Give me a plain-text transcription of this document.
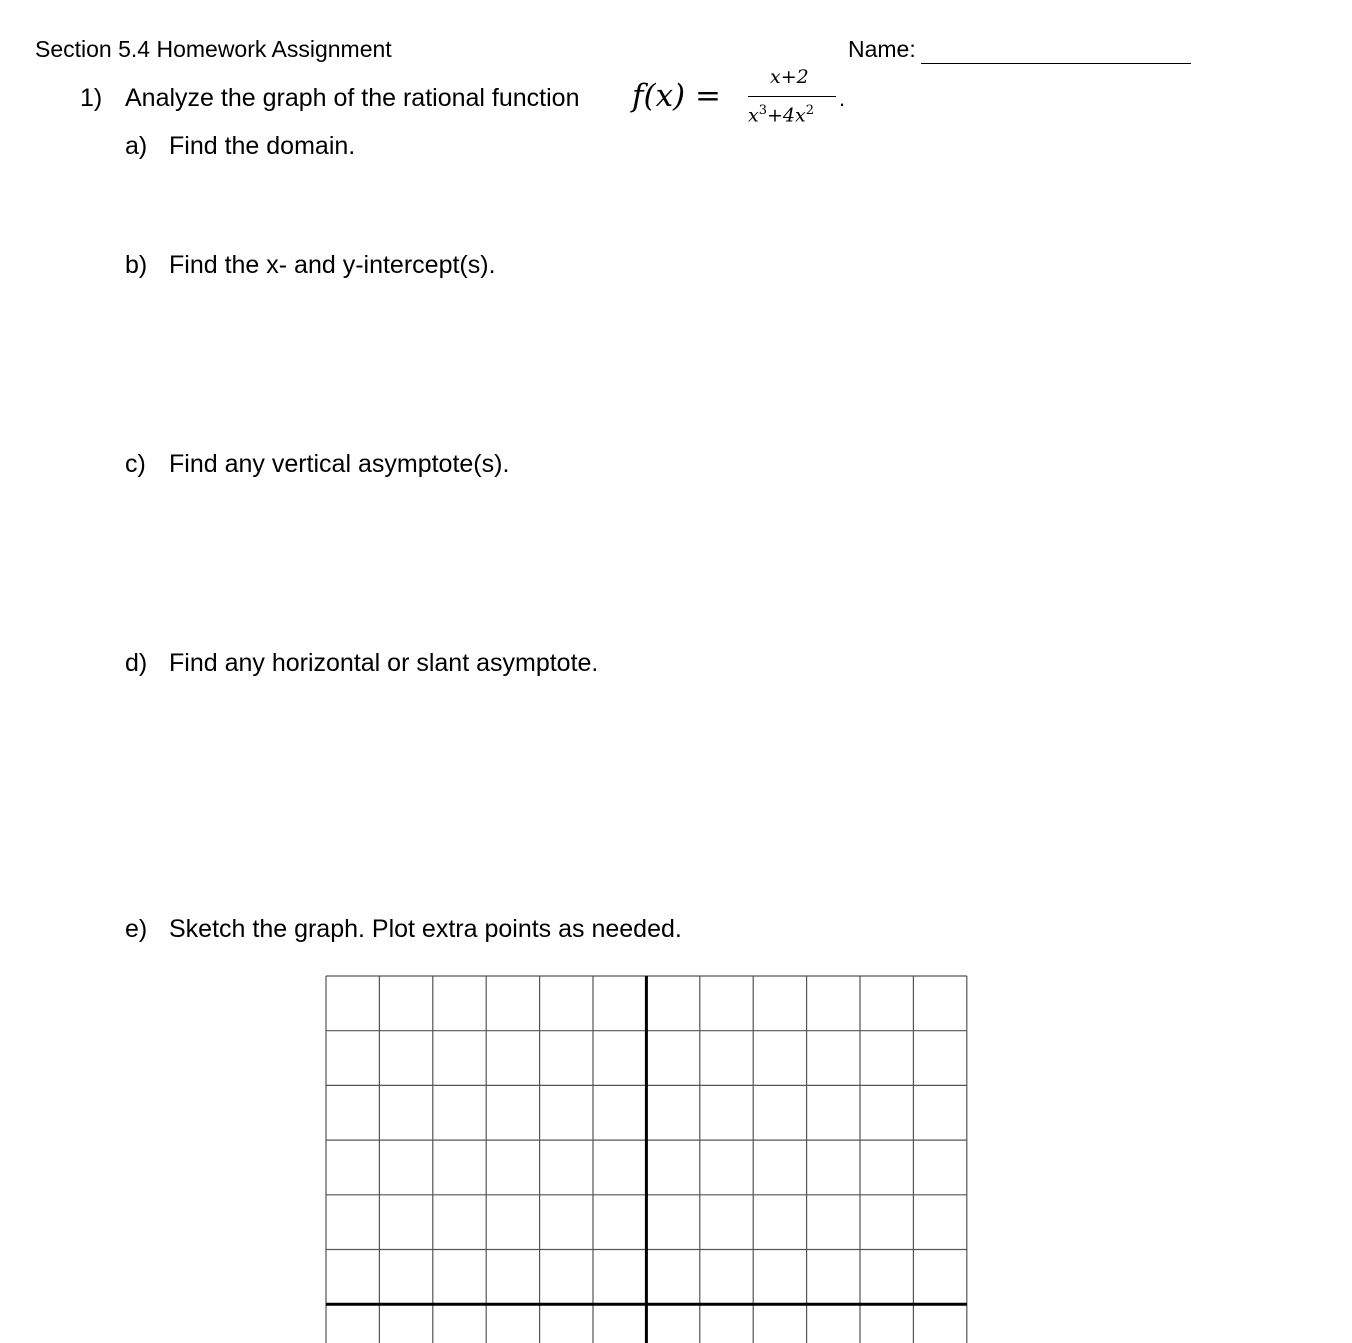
Section 5.4 Homework Assignment	Name:
1) Analyze the graph of the rational function f(x) =
x+2
$x^3+4x^2$ .
a) Find the domain.
b) Find the x- and y-intercept(s).
c) Find any vertical asymptote(s).
d) Find any horizontal or slant asymptote.
e) Sketch the graph. Plot extra points as needed.
